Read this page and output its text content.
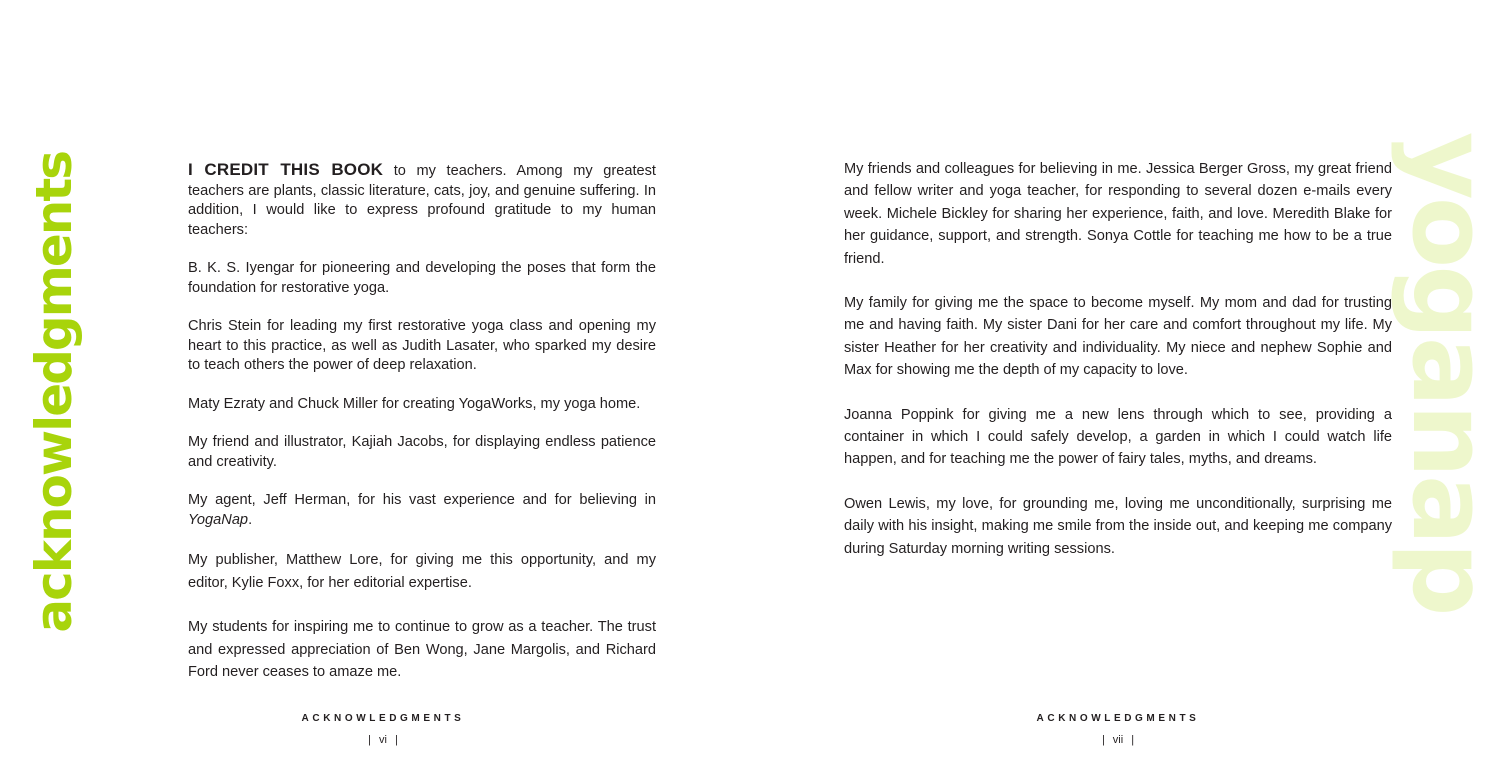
acknowledgments	I CREDIT THIS BOOK to my teachers. Among my greatest teachers are plants, classic literature, cats, joy, and genuine suffering. In addition, I would like to express profound gratitude to my human teachers:

B. K. S. Iyengar for pioneering and developing the poses that form the foundation for restorative yoga.

Chris Stein for leading my first restorative yoga class and opening my heart to this practice, as well as Judith Lasater, who sparked my desire to teach others the power of deep relaxation.

Maty Ezraty and Chuck Miller for creating YogaWorks, my yoga home.

My friend and illustrator, Kajiah Jacobs, for displaying endless patience and creativity.

My agent, Jeff Herman, for his vast experience and for believing in YogaNap.

My publisher, Matthew Lore, for giving me this opportunity, and my editor, Kylie Foxx, for her editorial expertise.

My students for inspiring me to continue to grow as a teacher. The trust and expressed appreciation of Ben Wong, Jane Margolis, and Richard Ford never ceases to amaze me.

ACKNOWLEDGMENTS
| vi |

My friends and colleagues for believing in me. Jessica Berger Gross, my great friend and fellow writer and yoga teacher, for responding to several dozen e-mails every week. Michele Bickley for sharing her experience, faith, and love. Meredith Blake for her guidance, support, and strength. Sonya Cottle for teaching me how to be a true friend.

My family for giving me the space to become myself. My mom and dad for trusting me and having faith. My sister Dani for her care and comfort throughout my life. My sister Heather for her creativity and individuality. My niece and nephew Sophie and Max for showing me the depth of my capacity to love.

Joanna Poppink for giving me a new lens through which to see, providing a container in which I could safely develop, a garden in which I could watch life happen, and for teaching me the power of fairy tales, myths, and dreams.

Owen Lewis, my love, for grounding me, loving me unconditionally, surprising me daily with his insight, making me smile from the inside out, and keeping me company during Saturday morning writing sessions.	yoganap
ACKNOWLEDGMENTS
| vii |
